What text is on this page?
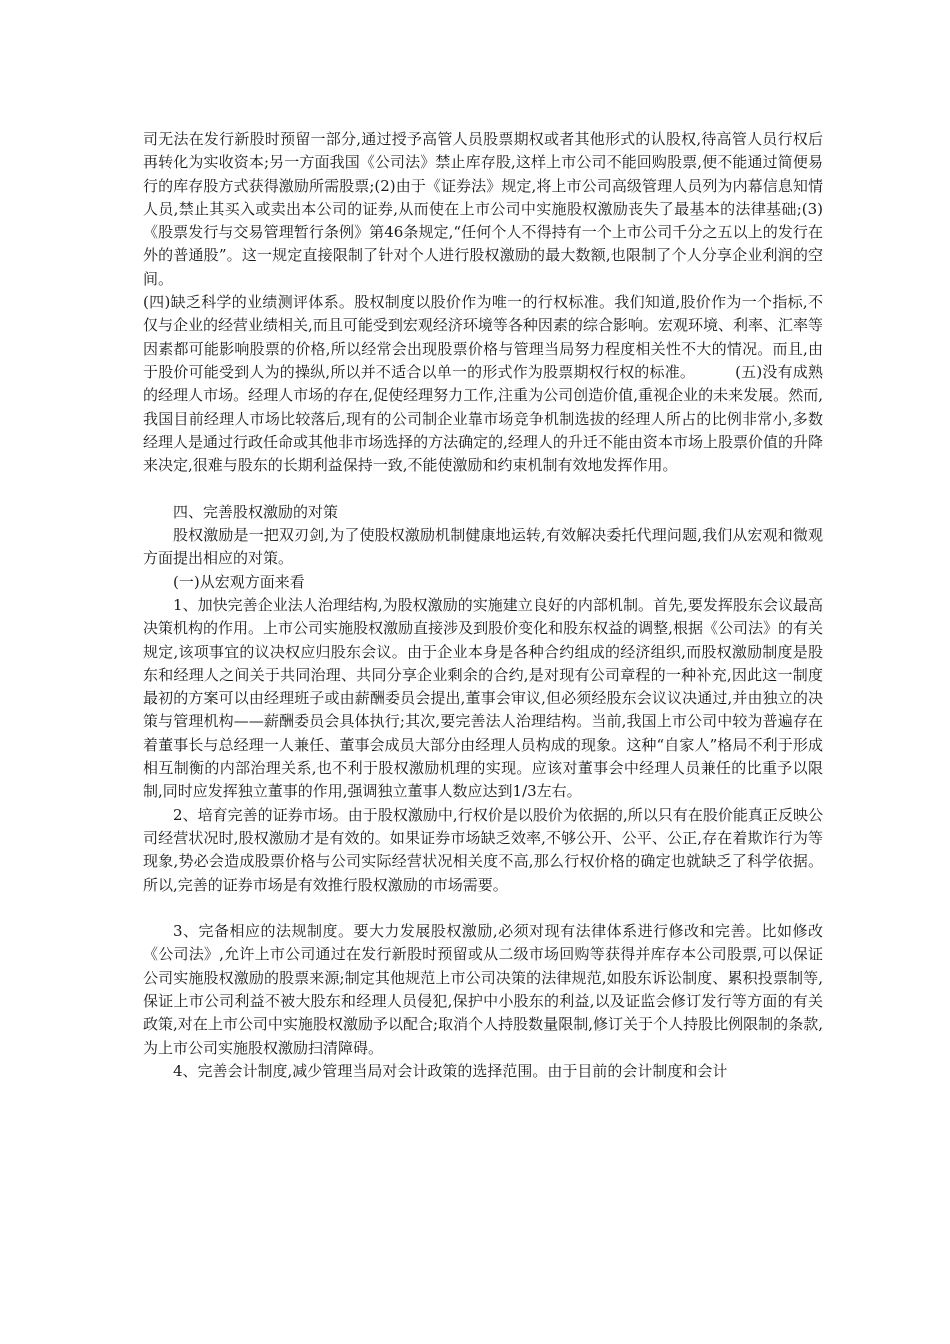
司无法在发行新股时预留一部分,通过授予高管人员股票期权或者其他形式的认股权,待高管人员行权后再转化为实收资本;另一方面我国《公司法》禁止库存股,这样上市公司不能回购股票,便不能通过简便易行的库存股方式获得激励所需股票;(2)由于《证券法》规定,将上市公司高级管理人员列为内幕信息知情人员,禁止其买入或卖出本公司的证券,从而使在上市公司中实施股权激励丧失了最基本的法律基础;(3)《股票发行与交易管理暂行条例》第46条规定,“任何个人不得持有一个上市公司千分之五以上的发行在外的普通股”。这一规定直接限制了针对个人进行股权激励的最大数额,也限制了个人分享企业利润的空间。

(四)缺乏科学的业绩测评体系。股权制度以股价作为唯一的行权标准。我们知道,股价作为一个指标,不仅与企业的经营业绩相关,而且可能受到宏观经济环境等各种因素的综合影响。宏观环境、利率、汇率等因素都可能影响股票的价格,所以经常会出现股票价格与管理当局努力程度相关性不大的情况。而且,由于股价可能受到人为的操纵,所以并不适合以单一的形式作为股票期权行权的标准。	(五)没有成熟的经理人市场。经理人市场的存在,促使经理努力工作,注重为公司创造价值,重视企业的未来发展。然而,我国目前经理人市场比较落后,现有的公司制企业靠市场竞争机制选拔的经理人所占的比例非常小,多数经理人是通过行政任命或其他非市场选择的方法确定的,经理人的升迁不能由资本市场上股票价值的升降来决定,很难与股东的长期利益保持一致,不能使激励和约束机制有效地发挥作用。

四、完善股权激励的对策

股权激励是一把双刃剑,为了使股权激励机制健康地运转,有效解决委托代理问题,我们从宏观和微观方面提出相应的对策。

(一)从宏观方面来看

1、加快完善企业法人治理结构,为股权激励的实施建立良好的内部机制。首先,要发挥股东会议最高决策机构的作用。上市公司实施股权激励直接涉及到股价变化和股东权益的调整,根据《公司法》的有关规定,该项事宜的议决权应归股东会议。由于企业本身是各种合约组成的经济组织,而股权激励制度是股东和经理人之间关于共同治理、共同分享企业剩余的合约,是对现有公司章程的一种补充,因此这一制度最初的方案可以由经理班子或由薪酬委员会提出,董事会审议,但必须经股东会议议决通过,并由独立的决策与管理机构——薪酬委员会具体执行;其次,要完善法人治理结构。当前,我国上市公司中较为普遍存在着董事长与总经理一人兼任、董事会成员大部分由经理人员构成的现象。这种“自家人”格局不利于形成相互制衡的内部治理关系,也不利于股权激励机理的实现。应该对董事会中经理人员兼任的比重予以限制,同时应发挥独立董事的作用,强调独立董事人数应达到1/3左右。

2、培育完善的证券市场。由于股权激励中,行权价是以股价为依据的,所以只有在股价能真正反映公司经营状况时,股权激励才是有效的。如果证券市场缺乏效率,不够公开、公平、公正,存在着欺诈行为等现象,势必会造成股票价格与公司实际经营状况相关度不高,那么行权价格的确定也就缺乏了科学依据。所以,完善的证券市场是有效推行股权激励的市场需要。

3、完备相应的法规制度。要大力发展股权激励,必须对现有法律体系进行修改和完善。比如修改《公司法》,允许上市公司通过在发行新股时预留或从二级市场回购等获得并库存本公司股票,可以保证公司实施股权激励的股票来源;制定其他规范上市公司决策的法律规范,如股东诉讼制度、累积投票制等,保证上市公司利益不被大股东和经理人员侵犯,保护中小股东的利益,以及证监会修订发行等方面的有关政策,对在上市公司中实施股权激励予以配合;取消个人持股数量限制,修订关于个人持股比例限制的条款,为上市公司实施股权激励扫清障碍。

4、完善会计制度,减少管理当局对会计政策的选择范围。由于目前的会计制度和会计
